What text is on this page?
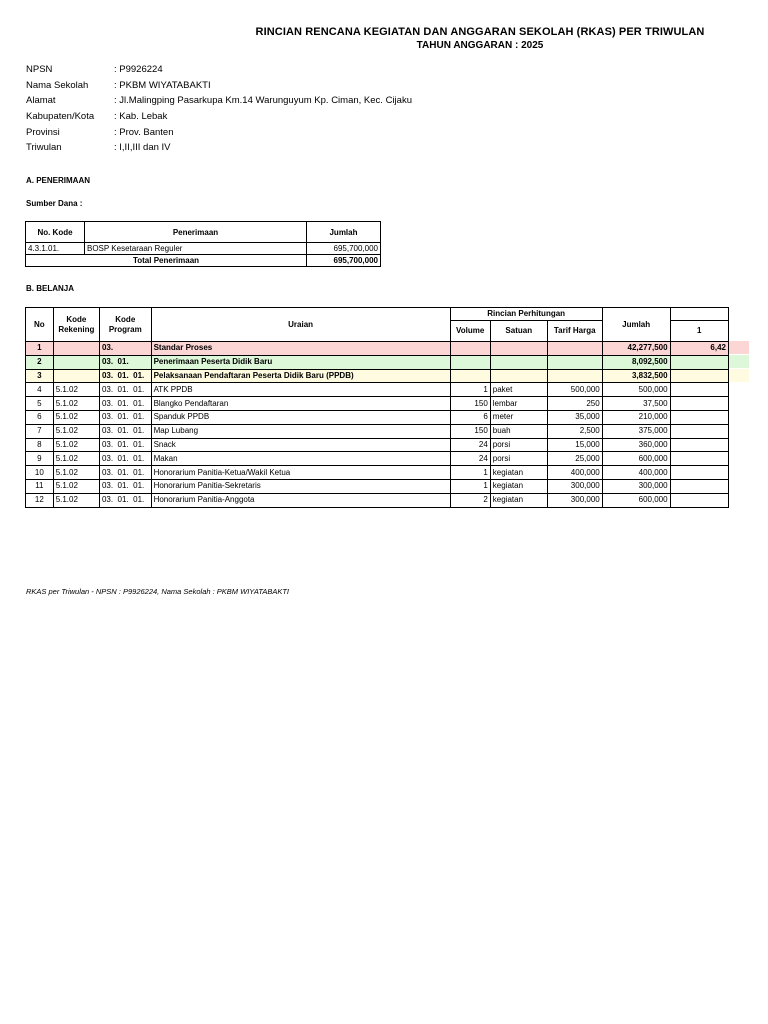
RINCIAN RENCANA KEGIATAN DAN ANGGARAN SEKOLAH (RKAS) PER TRIWULAN
TAHUN ANGGARAN : 2025
NPSN	: P9926224
Nama Sekolah	: PKBM WIYATABAKTI
Alamat	: Jl.Malingping Pasarkupa Km.14 Warunguyum Kp. Ciman, Kec. Cijaku
Kabupaten/Kota	: Kab. Lebak
Provinsi	: Prov. Banten
Triwulan	: I,II,III dan IV
A. PENERIMAAN
Sumber Dana :
No. Kode	Penerimaan	Jumlah
4.3.1.01.	BOSP Kesetaraan Reguler	695,700,000
Total Penerimaan		695,700,000
B. BELANJA
No	Kode Rekening	Kode Program	Uraian	Rincian Perhitungan			Jumlah	
				Volume	Satuan	Tarif Harga		1
1		03.	Standar Proses				42,277,500	6,42
2		03.  01.	Penerimaan Peserta Didik Baru				8,092,500	
3		03.  01.  01.	Pelaksanaan Pendaftaran Peserta Didik Baru (PPDB)				3,832,500	
4	5.1.02	03.  01.  01.	ATK PPDB	1	paket	500,000	500,000	
5	5.1.02	03.  01.  01.	Blangko Pendaftaran	150	lembar	250	37,500	
6	5.1.02	03.  01.  01.	Spanduk PPDB	6	meter	35,000	210,000	
7	5.1.02	03.  01.  01.	Map Lubang	150	buah	2,500	375,000	
8	5.1.02	03.  01.  01.	Snack	24	porsi	15,000	360,000	
9	5.1.02	03.  01.  01.	Makan	24	porsi	25,000	600,000	
10	5.1.02	03.  01.  01.	Honorarium Panitia-Ketua/Wakil Ketua	1	kegiatan	400,000	400,000	
11	5.1.02	03.  01.  01.	Honorarium Panitia-Sekretaris	1	kegiatan	300,000	300,000	
12	5.1.02	03.  01.  01.	Honorarium Panitia-Anggota	2	kegiatan	300,000	600,000	
RKAS per Triwulan - NPSN : P9926224, Nama Sekolah : PKBM WIYATABAKTI
